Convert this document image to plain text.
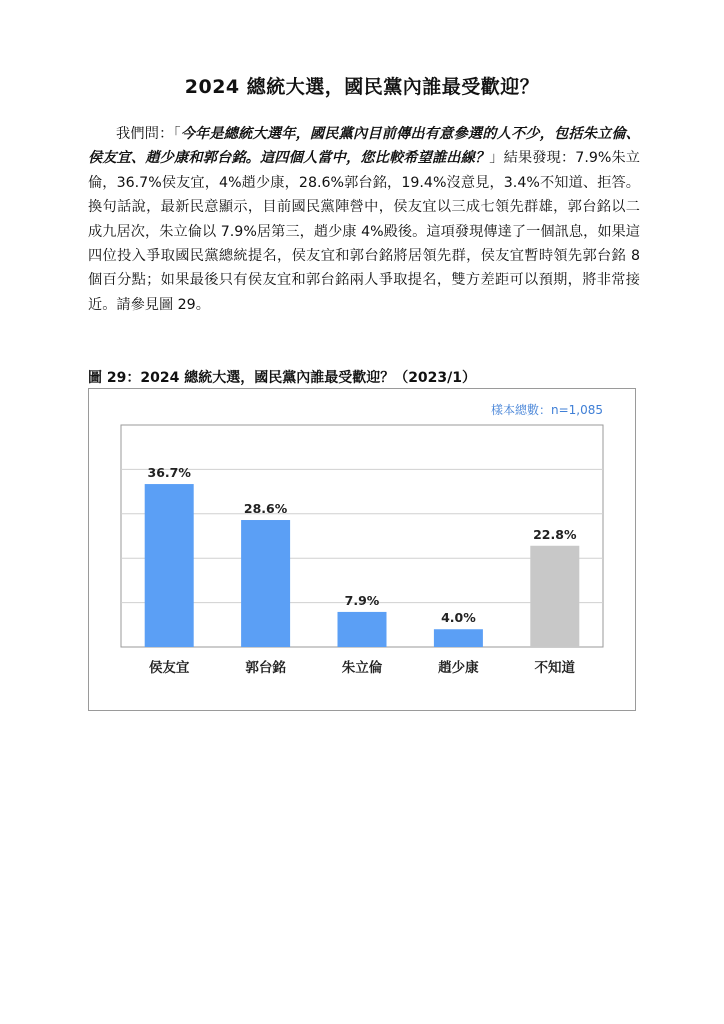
2024 總統大選，國民黨內誰最受歡迎？

我們問：「今年是總統大選年，國民黨內目前傳出有意參選的人不少，包括朱立倫、侯友宜、趙少康和郭台銘。這四個人當中，您比較希望誰出線？」結果發現：7.9%朱立倫，36.7%侯友宜，4%趙少康，28.6%郭台銘，19.4%沒意見，3.4%不知道、拒答。換句話說，最新民意顯示，目前國民黨陣營中，侯友宜以三成七領先群雄，郭台銘以二成九居次，朱立倫以 7.9%居第三，趙少康 4%殿後。這項發現傳達了一個訊息，如果這四位投入爭取國民黨總統提名，侯友宜和郭台銘將居領先群，侯友宜暫時領先郭台銘 8 個百分點；如果最後只有侯友宜和郭台銘兩人爭取提名，雙方差距可以預期，將非常接近。請參見圖 29。

圖 29：2024 總統大選，國民黨內誰最受歡迎？（2023/1）
樣本總數：n=1,085
36.7%
侯友宜
28.6%
郭台銘
7.9%
朱立倫
4.0%
趙少康
22.8%
不知道
